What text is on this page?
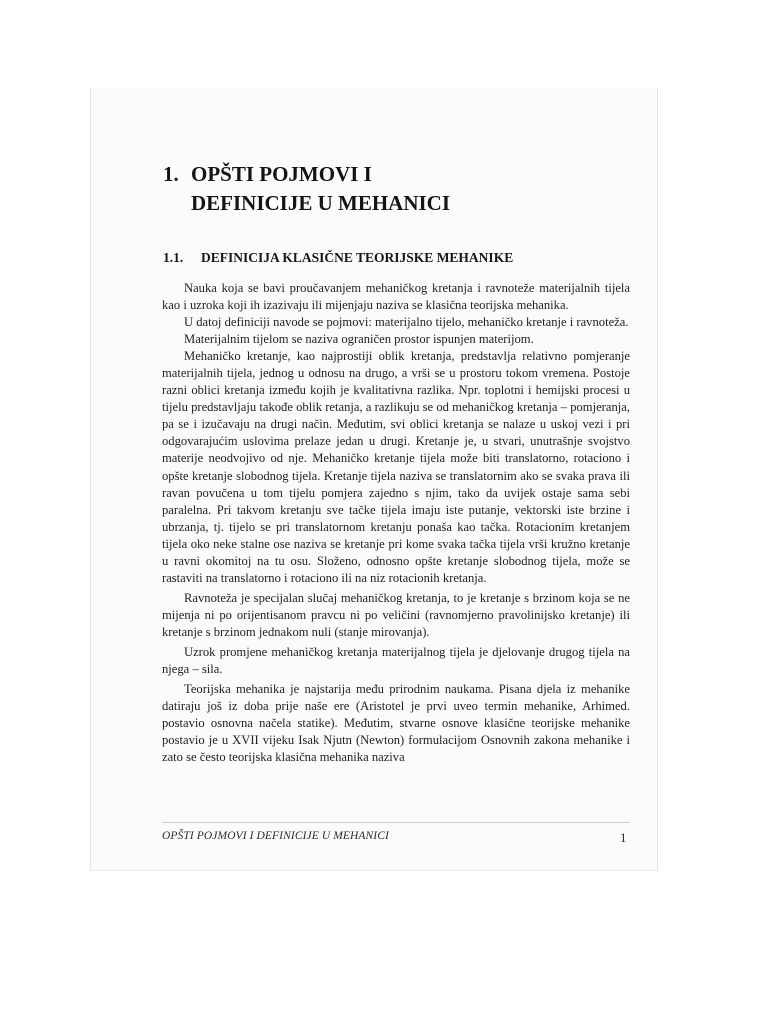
1. OPŠTI POJMOVI I
DEFINICIJE U MEHANICI
1.1. DEFINICIJA KLASIČNE TEORIJSKE MEHANIKE

Nauka koja se bavi proučavanjem mehaničkog kretanja i ravnoteže materijalnih tijela kao i uzroka koji ih izazivaju ili mijenjaju naziva se klasična teorijska mehanika.

U datoj definiciji navode se pojmovi: materijalno tijelo, mehaničko kretanje i ravnoteža.

Materijalnim tijelom se naziva ograničen prostor ispunjen materijom.

Mehaničko kretanje, kao najprostiji oblik kretanja, predstavlja relativno pomjeranje materijalnih tijela, jednog u odnosu na drugo, a vrši se u prostoru tokom vremena. Postoje razni oblici kretanja između kojih je kvalitativna razlika. Npr. toplotni i hemijski procesi u tijelu predstavljaju takođe oblik retanja, a razlikuju se od mehaničkog kretanja – pomjeranja, pa se i izučavaju na drugi način. Međutim, svi oblici kretanja se nalaze u uskoj vezi i pri odgovarajućim uslovima prelaze jedan u drugi. Kretanje je, u stvari, unutrašnje svojstvo materije neodvojivo od nje. Mehaničko kretanje tijela može biti translatorno, rotaciono i opšte kretanje slobodnog tijela. Kretanje tijela naziva se translatornim ako se svaka prava ili ravan povučena u tom tijelu pomjera zajedno s njim, tako da uvijek ostaje sama sebi paralelna. Pri takvom kretanju sve tačke tijela imaju iste putanje, vektorski iste brzine i ubrzanja, tj. tijelo se pri translatornom kretanju ponaša kao tačka. Rotacionim kretanjem tijela oko neke stalne ose naziva se kretanje pri kome svaka tačka tijela vrši kružno kretanje u ravni okomitoj na tu osu. Složeno, odnosno opšte kretanje slobodnog tijela, može se rastaviti na translatorno i rotaciono ili na niz rotacionih kretanja.

Ravnoteža je specijalan slučaj mehaničkog kretanja, to je kretanje s brzinom koja se ne mijenja ni po orijentisanom pravcu ni po veličini (ravnomjerno pravolinijsko kretanje) ili kretanje s brzinom jednakom nuli (stanje mirovanja).

Uzrok promjene mehaničkog kretanja materijalnog tijela je djelovanje drugog tijela na njega – sila.

Teorijska mehanika je najstarija među prirodnim naukama. Pisana djela iz mehanike datiraju još iz doba prije naše ere (Aristotel je prvi uveo termin mehanike, Arhimed. postavio osnovna načela statike). Međutim, stvarne osnove klasične teorijske mehanike postavio je u XVII vijeku Isak Njutn (Newton) formulacijom Osnovnih zakona mehanike i zato se često teorijska klasična mehanika naziva

OPŠTI POJMOVI I DEFINICIJE U MEHANICI	1
